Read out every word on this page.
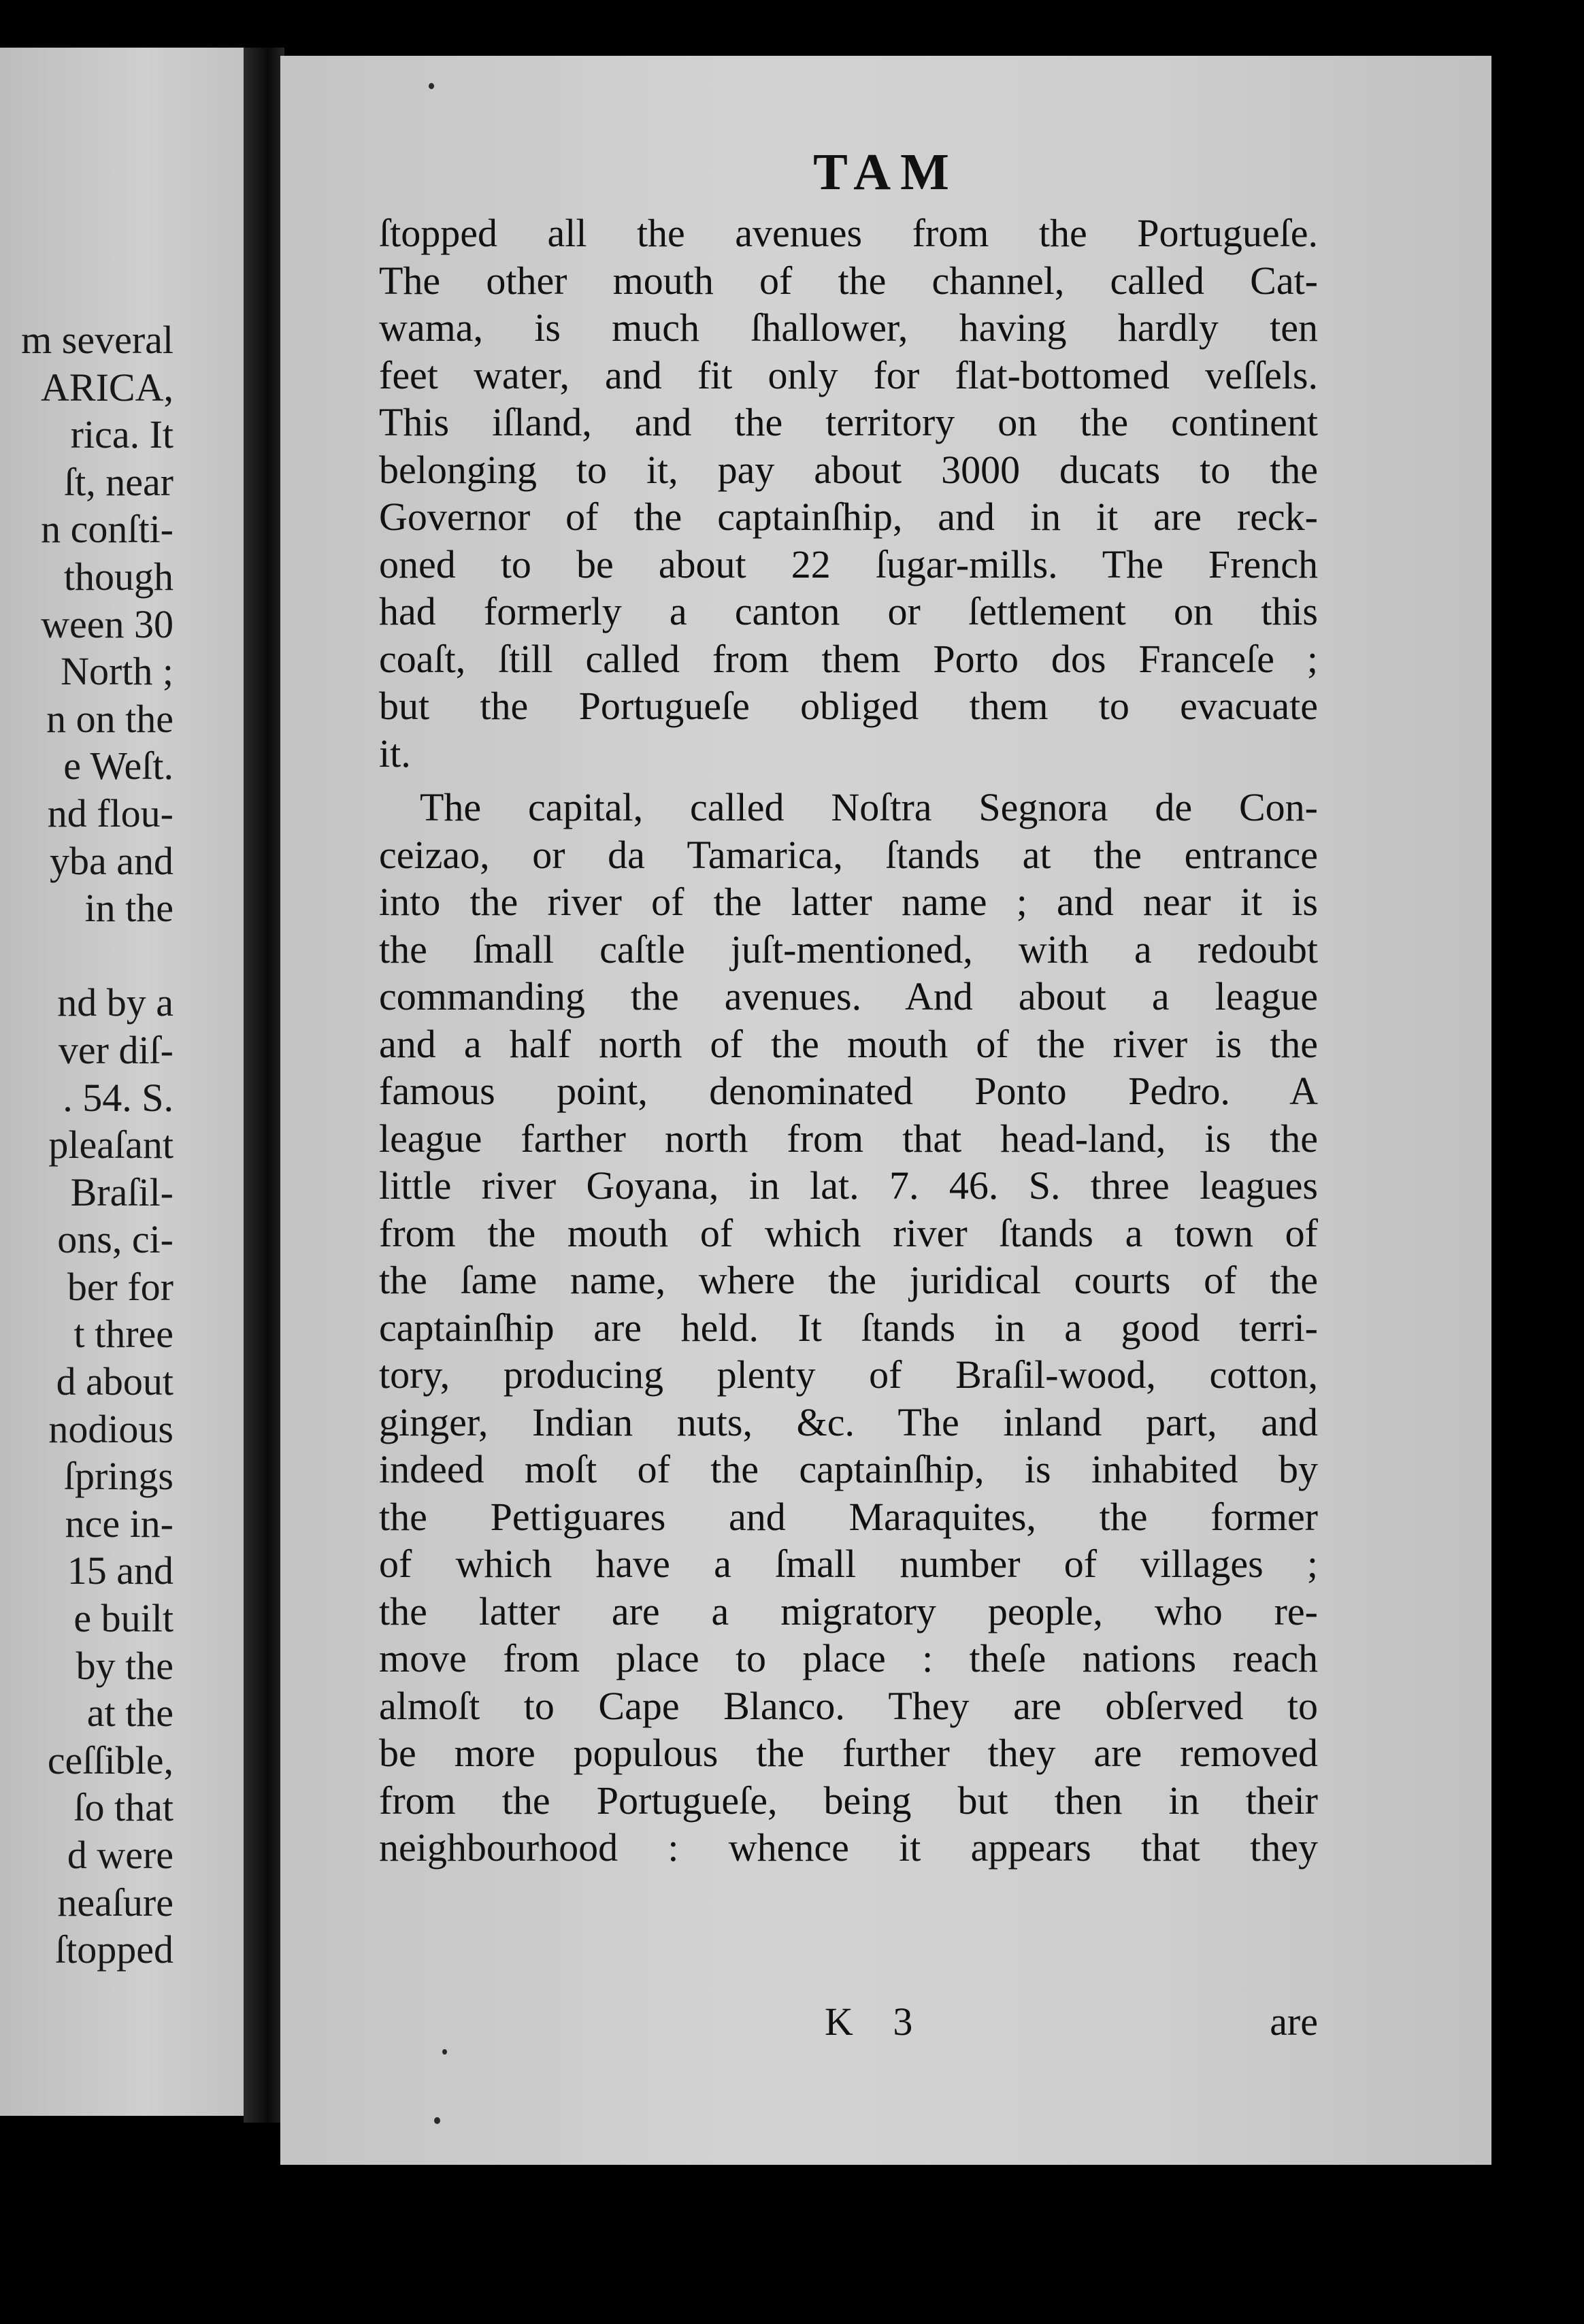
m several
ARICA,
rica. It
ſt, near
n conſti-
though
ween 30
North ;
n on the
e Weſt.
nd flou-
yba and
in the

nd by a
ver diſ-
. 54. S.
pleaſant
Braſil-
ons, ci-
ber for
t three
d about
nodious
ſprings
nce in-
15 and
e built
by the
at the
ceſſible,
ſo that
d were
neaſure
ſtopped
TAM
ſtopped all the avenues from the Portugueſe.
The other mouth of the channel, called Cat-
wama, is much ſhallower, having hardly ten
feet water, and fit only for flat-bottomed veſſels.
This iſland, and the territory on the continent
belonging to it, pay about 3000 ducats to the
Governor of the captainſhip, and in it are reck-
oned to be about 22 ſugar-mills. The French
had formerly a canton or ſettlement on this
coaſt, ſtill called from them Porto dos Franceſe ;
but the Portugueſe obliged them to evacuate
it.
The capital, called Noſtra Segnora de Con-
ceizao, or da Tamarica, ſtands at the entrance
into the river of the latter name ; and near it is
the ſmall caſtle juſt-mentioned, with a redoubt
commanding the avenues. And about a league
and a half north of the mouth of the river is the
famous point, denominated Ponto Pedro. A
league farther north from that head-land, is the
little river Goyana, in lat. 7. 46. S. three leagues
from the mouth of which river ſtands a town of
the ſame name, where the juridical courts of the
captainſhip are held. It ſtands in a good terri-
tory, producing plenty of Braſil-wood, cotton,
ginger, Indian nuts, &c. The inland part, and
indeed moſt of the captainſhip, is inhabited by
the Pettiguares and Maraquites, the former
of which have a ſmall number of villages ;
the latter are a migratory people, who re-
move from place to place : theſe nations reach
almoſt to Cape Blanco. They are obſerved to
be more populous the further they are removed
from the Portugueſe, being but then in their
neighbourhood : whence it appears that they
K 3	are
